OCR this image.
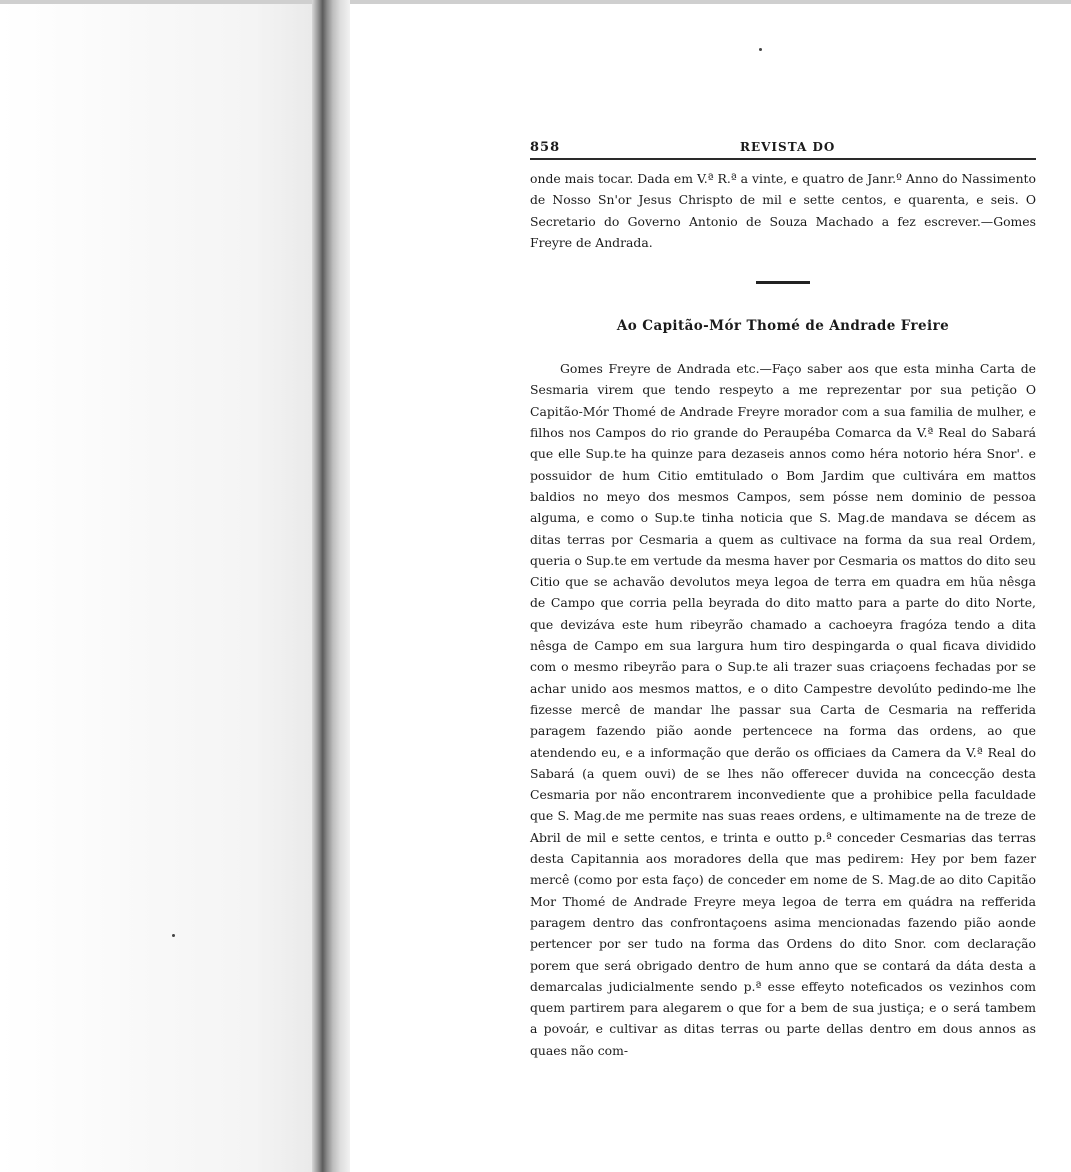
858	REVISTA DO

onde mais tocar. Dada em V.ª R.ª a vinte, e quatro de Janr.º Anno do Nassimento de Nosso Sn'or Jesus Chrispto de mil e sette centos, e quarenta, e seis. O Secretario do Governo Antonio de Souza Machado a fez escrever.—Gomes Freyre de Andrada.

Ao Capitão-Mór Thomé de Andrade Freire

Gomes Freyre de Andrada etc.—Faço saber aos que esta minha Carta de Sesmaria virem que tendo respeyto a me reprezentar por sua petição O Capitão-Mór Thomé de Andrade Freyre morador com a sua familia de mulher, e filhos nos Campos do rio grande do Peraupéba Comarca da V.ª Real do Sabará que elle Sup.te ha quinze para dezaseis annos como héra notorio héra Snor'. e possuidor de hum Citio emtitulado o Bom Jardim que cultivára em mattos baldios no meyo dos mesmos Campos, sem pósse nem dominio de pessoa alguma, e como o Sup.te tinha noticia que S. Mag.de mandava se décem as ditas terras por Cesmaria a quem as cultivace na forma da sua real Ordem, queria o Sup.te em vertude da mesma haver por Cesmaria os mattos do dito seu Citio que se achavão devolutos meya legoa de terra em quadra em hũa nêsga de Campo que corria pella beyrada do dito matto para a parte do dito Norte, que devizáva este hum ribeyrão chamado a cachoeyra fragóza tendo a dita nêsga de Campo em sua largura hum tiro despingarda o qual ficava dividido com o mesmo ribeyrão para o Sup.te ali trazer suas criaçoens fechadas por se achar unido aos mesmos mattos, e o dito Campestre devolúto pedindo-me lhe fizesse mercê de mandar lhe passar sua Carta de Cesmaria na refferida paragem fazendo pião aonde pertencece na forma das ordens, ao que atendendo eu, e a informação que derão os officiaes da Camera da V.ª Real do Sabará (a quem ouvi) de se lhes não offerecer duvida na concecção desta Cesmaria por não encontrarem inconvediente que a prohibice pella faculdade que S. Mag.de me permite nas suas reaes ordens, e ultimamente na de treze de Abril de mil e sette centos, e trinta e outto p.ª conceder Cesmarias das terras desta Capitannia aos moradores della que mas pedirem: Hey por bem fazer mercê (como por esta faço) de conceder em nome de S. Mag.de ao dito Capitão Mor Thomé de Andrade Freyre meya legoa de terra em quádra na refferida paragem dentro das confrontaçoens asima mencionadas fazendo pião aonde pertencer por ser tudo na forma das Ordens do dito Snor. com declaração porem que será obrigado dentro de hum anno que se contará da dáta desta a demarcalas judicialmente sendo p.ª esse effeyto noteficados os vezinhos com quem partirem para alegarem o que for a bem de sua justiça; e o será tambem a povoár, e cultivar as ditas terras ou parte dellas dentro em dous annos as quaes não com-
